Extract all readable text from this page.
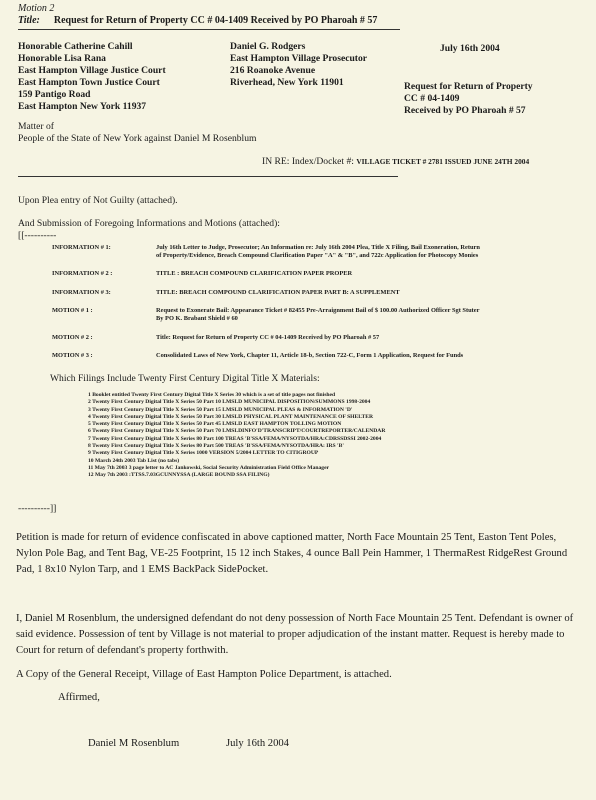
Motion 2
Title: Request for Return of Property CC # 04-1409 Received by PO Pharoah # 57
Honorable Catherine Cahill
Honorable Lisa Rana
East Hampton Village Justice Court
East Hampton Town Justice Court
159 Pantigo Road
East Hampton New York 11937
Daniel G. Rodgers
East Hampton Village Prosecutor
216 Roanoke Avenue
Riverhead, New York 11901
July 16th 2004
Request for Return of Property
CC # 04-1409
Received by PO Pharoah # 57
Matter of
People of the State of New York against Daniel M Rosenblum
IN RE: Index/Docket #: VILLAGE TICKET # 2781 ISSUED JUNE 24TH 2004
Upon Plea entry of Not Guilty (attached).
And Submission of Foregoing Informations and Motions (attached):
[[----------
INFORMATION # 1:	July 16th Letter to Judge, Prosecutor; An Information re: July 16th 2004 Plea, Title X Filing, Bail Exoneration, Return of Property/Evidence, Breach Compound Clarification Paper "A" & "B", and 722c Application for Photocopy Monies
INFORMATION # 2 :	TITLE : BREACH COMPOUND CLARIFICATION PAPER PROPER
INFORMATION # 3:	TITLE: BREACH COMPOUND CLARIFICATION PAPER PART B: A SUPPLEMENT
MOTION # 1 :	Request to Exonerate Bail: Appearance Ticket # 82455 Pre-Arraignment Bail of $ 100.00 Authorized Officer Sgt Stuter By PO K. Brabant Shield # 60
MOTION # 2 :	Title: Request for Return of Property CC # 04-1409 Received by PO Pharoah # 57
MOTION # 3 :	Consolidated Laws of New York, Chapter 11, Article 18-b, Section 722-C, Form 1 Application, Request for Funds
Which Filings Include Twenty First Century Digital Title X Materials:
1 Booklet entitled Twenty First Century Digital Title X Series 30 which is a set of title pages not finished
2 Twenty First Century Digital Title X Series 50 Part 10 LMSLD MUNICIPAL DISPOSITION/SUMMONS 1998-2004
3 Twenty First Century Digital Title X Series 50 Part 15 LMSLD MUNICIPAL PLEAS & INFORMATION 'D'
4 Twenty First Century Digital Title X Series 50 Part 30 LMSLD PHYSICAL PLANT MAINTENANCE OF SHELTER
5 Twenty First Century Digital Title X Series 50 Part 45 LMSLD EAST HAMPTON TOLLING MOTION
6 Twenty First Century Digital Title X Series 50 Part 70 LMSLDINFO'D'TRANSCRIPT/COURTREPORTER/CALENDAR
7 Twenty First Century Digital Title X Series 80 Part 100 TREAS 'B'SSA/FEMA/NYSOTDA/HRA:CDRSSDSSI 2002-2004
8 Twenty First Century Digital Title X Series 80 Part 500 TREAS 'B'SSA/FEMA/NYSOTDA/HRA: IRS 'B'
9 Twenty First Century Digital Title X Series 1000 VERSION 5/2004 LETTER TO CITIGROUP
10 March 24th 2003 Tab List (no tabs)
11 May 7th 2003 3 page letter to AC Jankowski, Social Security Administration Field Office Manager
12 May 7th 2003 :TTSS.7.03GCUNNYSSA (LARGE BOUND SSA FILING)
----------]]
Petition is made for return of evidence confiscated in above captioned matter, North Face Mountain 25 Tent, Easton Tent Poles, Nylon Pole Bag, and Tent Bag, VE-25 Footprint, 15 12 inch Stakes, 4 ounce Ball Pein Hammer, 1 ThermaRest RidgeRest Ground Pad, 1 8x10 Nylon Tarp, and 1 EMS BackPack SidePocket.
I, Daniel M Rosenblum, the undersigned defendant do not deny possession of North Face Mountain 25 Tent. Defendant is owner of said evidence. Possession of tent by Village is not material to proper adjudication of the instant matter. Request is hereby made to Court for return of defendant's property forthwith.
A Copy of the General Receipt, Village of East Hampton Police Department, is attached.
Affirmed,
Daniel M Rosenblum	July 16th 2004
